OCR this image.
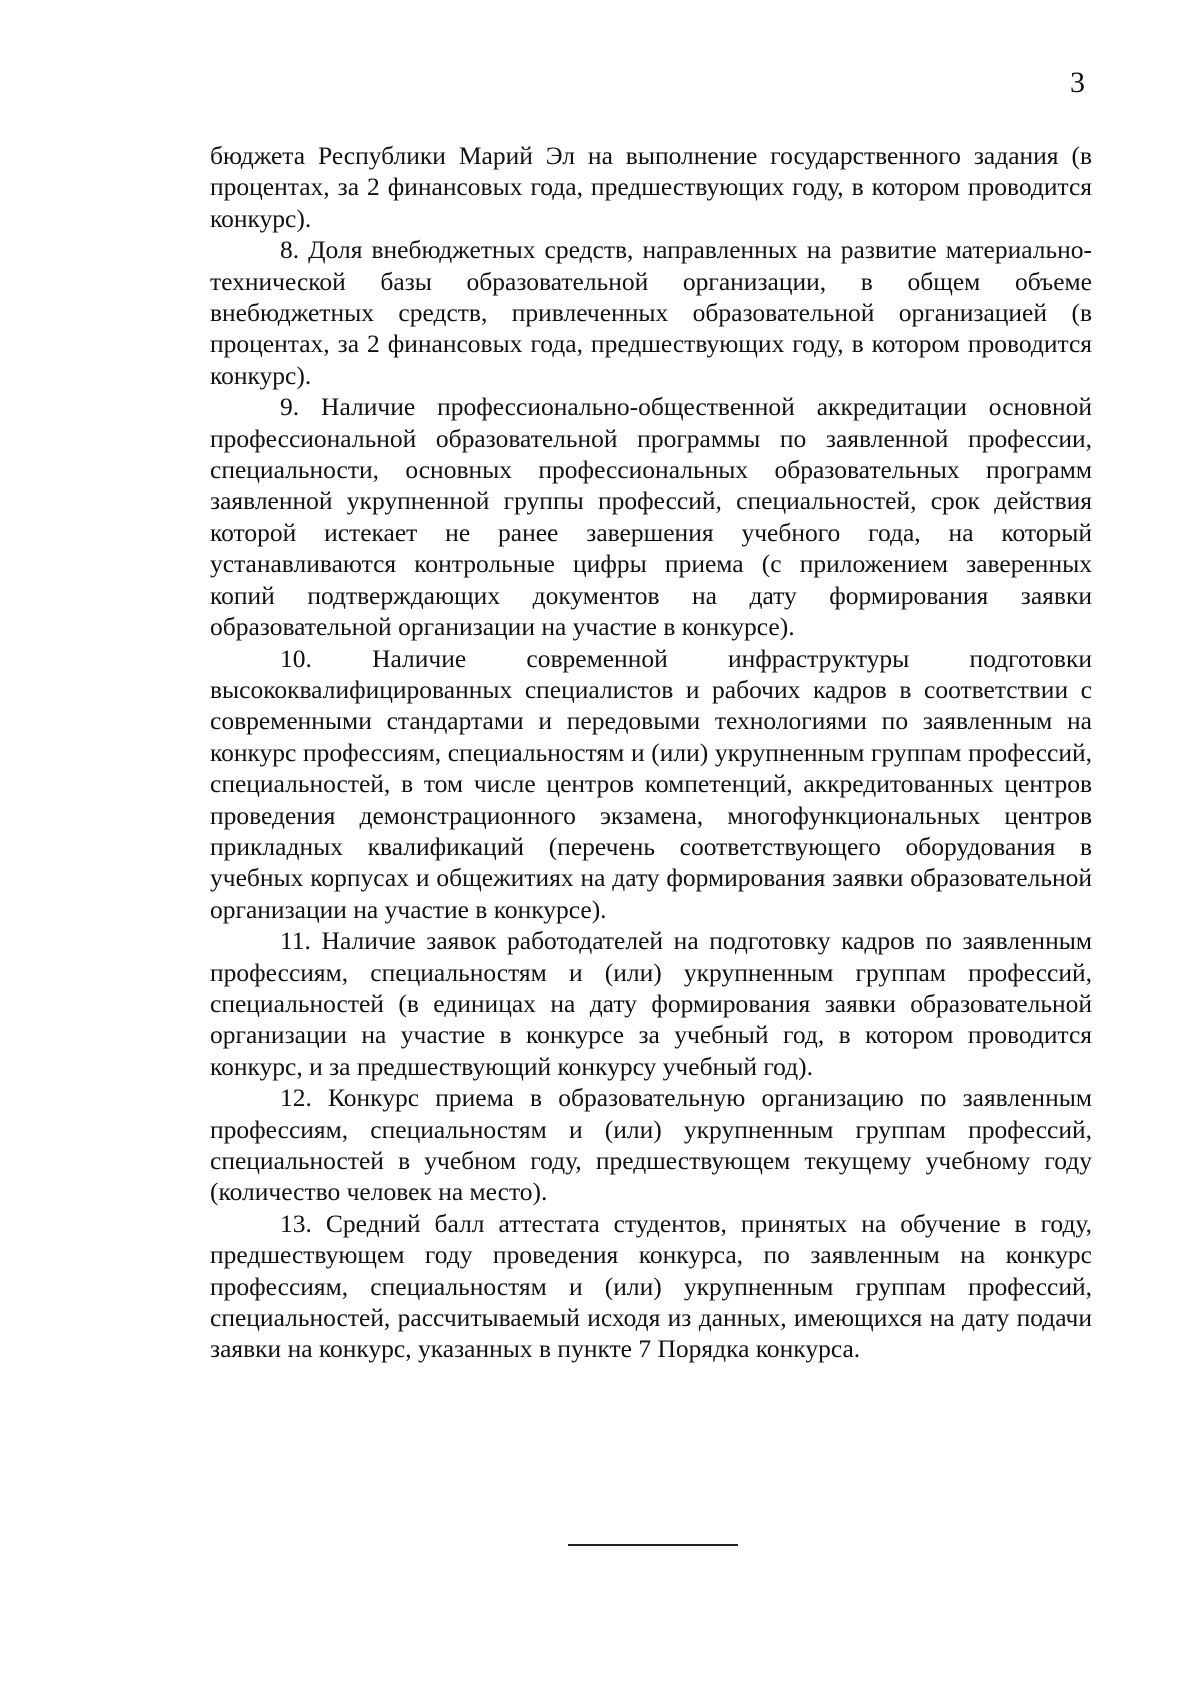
3

бюджета Республики Марий Эл на выполнение государственного задания (в процентах, за 2 финансовых года, предшествующих году, в котором проводится конкурс).

8. Доля внебюджетных средств, направленных на развитие материально-технической базы образовательной организации, в общем объеме внебюджетных средств, привлеченных образовательной организацией (в процентах, за 2 финансовых года, предшествующих году, в котором проводится конкурс).

9. Наличие профессионально-общественной аккредитации основной профессиональной образовательной программы по заявленной профессии, специальности, основных профессиональных образовательных программ заявленной укрупненной группы профессий, специальностей, срок действия которой истекает не ранее завершения учебного года, на который устанавливаются контрольные цифры приема (с приложением заверенных копий подтверждающих документов на дату формирования заявки образовательной организации на участие в конкурсе).

10. Наличие современной инфраструктуры подготовки высококвалифицированных специалистов и рабочих кадров в соответствии с современными стандартами и передовыми технологиями по заявленным на конкурс профессиям, специальностям и (или) укрупненным группам профессий, специальностей, в том числе центров компетенций, аккредитованных центров проведения демонстрационного экзамена, многофункциональных центров прикладных квалификаций (перечень соответствующего оборудования в учебных корпусах и общежитиях на дату формирования заявки образовательной организации на участие в конкурсе).

11. Наличие заявок работодателей на подготовку кадров по заявленным профессиям, специальностям и (или) укрупненным группам профессий, специальностей (в единицах на дату формирования заявки образовательной организации на участие в конкурсе за учебный год, в котором проводится конкурс, и за предшествующий конкурсу учебный год).

12. Конкурс приема в образовательную организацию по заявленным профессиям, специальностям и (или) укрупненным группам профессий, специальностей в учебном году, предшествующем текущему учебному году (количество человек на место).

13. Средний балл аттестата студентов, принятых на обучение в году, предшествующем году проведения конкурса, по заявленным на конкурс профессиям, специальностям и (или) укрупненным группам профессий, специальностей, рассчитываемый исходя из данных, имеющихся на дату подачи заявки на конкурс, указанных в пункте 7 Порядка конкурса.
